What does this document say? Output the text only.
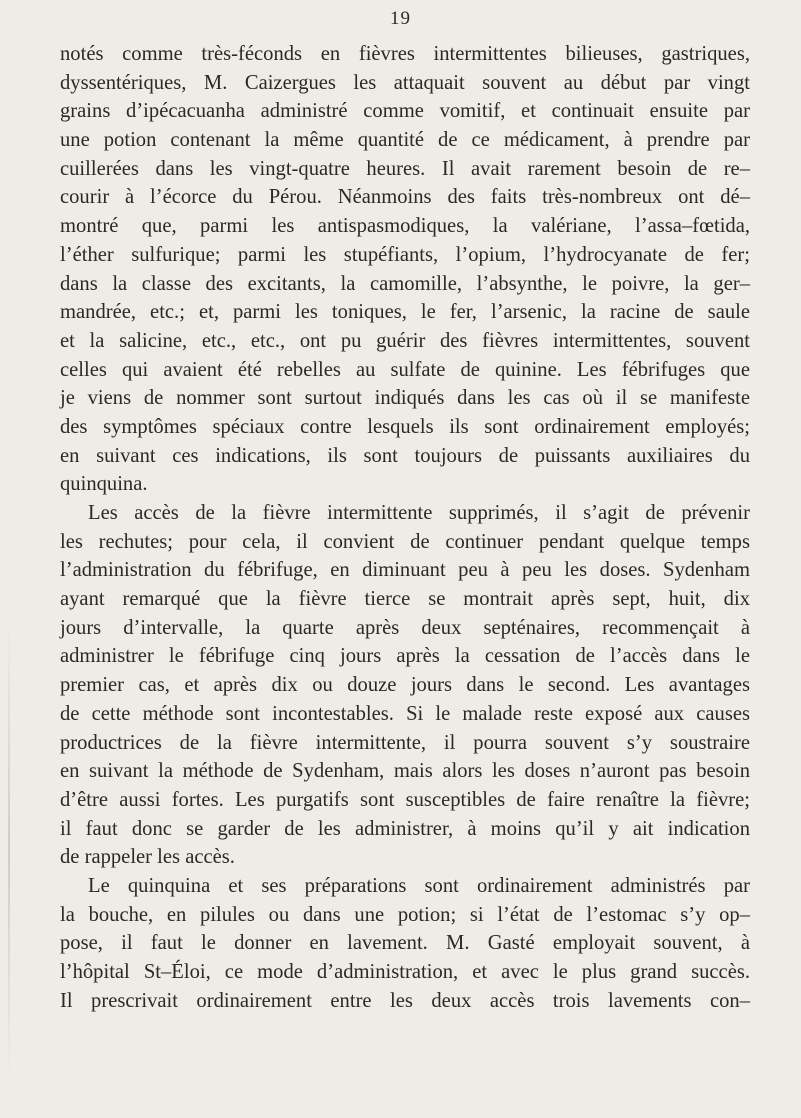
19
notés comme très-féconds en fièvres intermittentes bilieuses, gastriques,
dyssentériques, M. Caizergues les attaquait souvent au début par vingt
grains d’ipécacuanha administré comme vomitif, et continuait ensuite par
une potion contenant la même quantité de ce médicament, à prendre par
cuillerées dans les vingt-quatre heures. Il avait rarement besoin de re–
courir à l’écorce du Pérou. Néanmoins des faits très-nombreux ont dé–
montré que, parmi les antispasmodiques, la valériane, l’assa–fœtida,
l’éther sulfurique; parmi les stupéfiants, l’opium, l’hydrocyanate de fer;
dans la classe des excitants, la camomille, l’absynthe, le poivre, la ger–
mandrée, etc.; et, parmi les toniques, le fer, l’arsenic, la racine de saule
et la salicine, etc., etc., ont pu guérir des fièvres intermittentes, souvent
celles qui avaient été rebelles au sulfate de quinine. Les fébrifuges que
je viens de nommer sont surtout indiqués dans les cas où il se manifeste
des symptômes spéciaux contre lesquels ils sont ordinairement employés;
en suivant ces indications, ils sont toujours de puissants auxiliaires du
quinquina.
Les accès de la fièvre intermittente supprimés, il s’agit de prévenir
les rechutes; pour cela, il convient de continuer pendant quelque temps
l’administration du fébrifuge, en diminuant peu à peu les doses. Sydenham
ayant remarqué que la fièvre tierce se montrait après sept, huit, dix
jours d’intervalle, la quarte après deux septénaires, recommençait à
administrer le fébrifuge cinq jours après la cessation de l’accès dans le
premier cas, et après dix ou douze jours dans le second. Les avantages
de cette méthode sont incontestables. Si le malade reste exposé aux causes
productrices de la fièvre intermittente, il pourra souvent s’y soustraire
en suivant la méthode de Sydenham, mais alors les doses n’auront pas besoin
d’être aussi fortes. Les purgatifs sont susceptibles de faire renaître la fièvre;
il faut donc se garder de les administrer, à moins qu’il y ait indication
de rappeler les accès.
Le quinquina et ses préparations sont ordinairement administrés par
la bouche, en pilules ou dans une potion; si l’état de l’estomac s’y op–
pose, il faut le donner en lavement. M. Gasté employait souvent, à
l’hôpital St–Éloi, ce mode d’administration, et avec le plus grand succès.
Il prescrivait ordinairement entre les deux accès trois lavements con–
